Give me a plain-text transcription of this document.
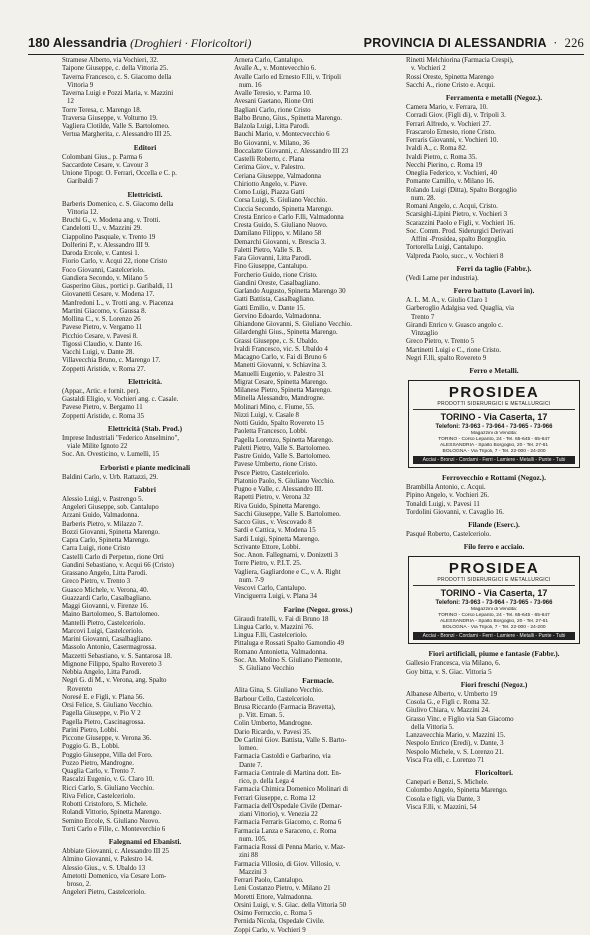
180 Alessandria (Droghieri · Floricoltori)	PROVINCIA DI ALESSANDRIA  ·  226
Stramese Alberto, via Vochieri, 32.
Taipone Giuseppe, c. della Vittoria 25.
Taverna Francesco, c. S. Giacomo della
Vittoria 9
Taverna Luigi e Pozzi Maria, v. Mazzini
12
Torre Teresa, c. Marengo 18.
Traversa Giuseppe, v. Volturno 19.
Vagliera Clotilde, Valle S. Bartolomeo.
Vertua Margherita, c. Alessandro III 25.
Editori
Colombani Gius., p. Parma 6
Saccardote Cesare, v. Cavour 3
Unione Tipogr. O. Ferrari, Occella e C. p.
Garibaldi 7
Elettricisti.
Barberis Domenico, c. S. Giacomo della
Vittoria 12.
Bruchi G., v. Modena ang. v. Trotti.
Candelotti U., v. Mazzini 29.
Ciappolino Pasquale, v. Trento 19
Dolferini P., v. Alessandro III 9.
Daroda Ercole, v. Cantesi 1.
Fiorio Carlo, v. Acqui 22, rione Cristo
Foco Giovanni, Castelceriolo.
Gandiera Secondo, v. Milano 5
Gasperino Gius., portici p. Garibaldi, 11
Giovanetti Cesare, v. Modena 17.
Manfredoni L., v. Trotti ang. v. Piacenza
Martini Giacomo, v. Gaussa 8.
Mollina C., v. S. Lorenzo 26
Pavese Pietro, v. Vergamo 11
Picchio Cesare, v. Pavesi 8.
Tigossi Claudio, v. Dante 16.
Vacchi Luigi, v. Dante 28.
Villavecchia Bruno, c. Marengo 17.
Zoppetti Aristide, v. Roma 27.
Elettricità.
(Appar., Artic. e fornit. per).
Gastaldi Eligio, v. Vochieri ang. c. Casale.
Pavese Pietro, v. Bergamo 11
Zoppetti Aristide, c. Roma 35
Elettricità (Stab. Prod.)
Imprese Industriali "Federico Anselmino",
viale Milite Ignoto 22
Soc. An. Ovesticino, v. Lumelli, 15
Erboristi e piante medicinali
Baldini Carlo, v. Urb. Rattazzi, 29.
Fabbri
Alessio Luigi, v. Pastrengo 5.
Angeleri Giuseppe, sob. Cantalupo
Arzani Guido, Valmadonna.
Barberis Pietro, v. Milazzo 7.
Bozzi Giovanni, Spinetta Marengo.
Capra Carlo, Spinetta Marengo.
Carra Luigi, rione Cristo
Castelli Carlo di Perpetuo, rione Orti
Gandini Sebastiano, v. Acqui 66 (Cristo)
Grassano Angelo, Litta Parodi.
Greco Pietro, v. Trento 3
Guasco Michele, v. Verona, 40.
Guazzardi Carlo, Casalbagliano.
Maggi Giovanni, v. Firenze 16.
Maino Bartolomeo, S. Bartolomeo.
Mantelli Pietro, Castelceriolo.
Marcovi Luigi, Castelceriolo.
Marini Giovanni, Casalbagliano.
Massolo Antonio, Casermagrossa.
Mazzetti Sebastiano, v. S. Santarosa 18.
Mignone Filippo, Spalto Rovereto 3
Nebbia Angelo, Litta Parodi.
Negri G. di M., v. Verona, ang. Spalto
Rovereto
Noresé E. e Figli, v. Plana 56.
Orsi Felice, S. Giuliano Vecchio.
Pagella Giuseppe, v. Pio V 2
Pagella Pietro, Cascinagrossa.
Parini Pietro, Lobbi.
Piccone Giuseppe, v. Verona 36.
Poggio G. B., Lobbi.
Poggio Giuseppe, Villa del Foro.
Pozzo Pietro, Mandrogne.
Quaglia Carlo, v. Trento 7.
Rascalzi Eugenio, v. G. Claro 10.
Ricci Carlo, S. Giuliano Vecchio.
Riva Felice, Castelceriolo.
Robotti Cristoforo, S. Michele.
Rolandi Vittorio, Spinetta Marengo.
Semino Ercole, S. Giuliano Nuovo.
Torti Carlo e Fille, c. Monteverchio 6
Falegnami ed Ebanisti.
Abbiate Giovanni, c. Alessandro III 25
Almino Giovanni, v. Palestro 14.
Alessio Gius., v. S. Ubaldo 13
Ametotti Domenico, via Cesare Lom-
broso, 2.
Angeleri Pietro, Castelceriolo.
Arnera Carlo, Cantalupo.
Avalle A., v. Montevecchio 6.
Avalle Carlo ed Ernesto F.lli, v. Tripoli
num. 16
Avalle Teresio, v. Parma 10.
Avesani Gaetano, Rione Orti
Bagliani Carlo, rione Cristo
Balbo Bruno, Gius., Spinetta Marengo.
Balzola Luigi, Litta Parodi.
Bauchi Mario, v. Montecvecchio 6
Bo Giovanni, v. Milano, 36
Boccalatte Giovanni, c. Alessandro III 23
Castelli Roberto, c. Plana
Cerima Giov., v. Palestro.
Ceriana Giuseppe, Valmadonna
Chiriotto Angelo, v. Piave.
Como Luigi, Piazza Gatti
Corsa Luigi, S. Giuliano Vecchio.
Cuccia Secondo, Spinetta Marengo.
Cresta Enrico e Carlo F.lli, Valmadonna
Cresta Guido, S. Giuliano Nuovo.
Damilano Filippo, v. Milano 58
Demarchi Giovanni, v. Brescia 3.
Faletti Pietro, Valle S. B.
Fara Giovanni, Litta Parodi.
Fino Giuseppe, Cantalupo.
Forcherio Guido, rione Cristo.
Gandini Oreste, Casalbagliano.
Garlando Augusto, Spinetta Marengo 30
Gatti Battista, Casalbagliano.
Gatti Emilio, v. Dante 15.
Gervino Edoardo, Valmadonna.
Ghiandone Giovanni, S. Giuliano Vecchio.
Gilardenghi Gius., Spinetta Marengo.
Grassi Giuseppe, c. S. Ubaldo.
Ivaldi Francesco, vic. S. Ubaldo 4
Macagno Carlo, v. Fai di Bruno 6
Manetti Giovanni, v. Schiavina 3.
Manuelli Eugenio, v. Palestro 31
Migrat Cesare, Spinetta Marengo.
Milanese Pietro, Spinetta Marengo.
Minella Alessandro, Mandrogne.
Molinari Mino, c. Fiume, 55.
Nizzi Luigi, v. Casale 8
Notti Guido, Spalto Rovereto 15
Paoletta Francesco, Lobbi.
Pagella Lorenzo, Spinetta Marengo.
Paletti Pietro, Valle S. Bartolomeo.
Pastre Guido, Valle S. Bartolomeo.
Pavese Umberto, rione Cristo.
Pesce Pietro, Castelceriolo.
Piatonio Paolo, S. Giuliano Vecchio.
Pugno e Valle, c. Alessandro III.
Rapetti Pietro, v. Verona 32
Riva Guido, Spinetta Marengo.
Sacchi Giuseppe, Valle S. Bartolomeo.
Sacco Gius., v. Vescovado 8
Sardi e Cattica, v. Modena 15
Sardi Luigi, Spinetta Marengo.
Scrivante Ettore, Lobbi.
Soc. Anon. Fallegnami, v. Donizetti 3
Torre Pietro, v. P.I.T. 25.
Vagliera, Gagliardone e C., v. A. Right
num. 7-9
Vescovi Carlo, Cantalupo.
Vinciguerra Luigi, v. Plana 34
Farine (Negoz. gross.)
Giraudi fratelli, v. Fai di Bruno 18
Lingua Carlo, v. Mazzini 76.
Lingua F.lli, Castelceriolo.
Pittaluga e Rossati Spalto Gamondio 49
Romano Antonietta, Valmadonna.
Soc. An. Molino S. Giuliano Piemonte,
S. Giuliano Vecchio
Farmacie.
Alita Gina, S. Giuliano Vecchio.
Barbour Cello, Castelceriolo.
Brusa Riccardo (Farmacia Bravetta),
p. Vitt. Eman. 5.
Colin Umberto, Mandrogne.
Dario Ricardo, v. Pavesi 35.
De Carlini Giov. Battista, Valle S. Barto-
lomeo.
Farmacia Castoldi e Garbarino, via
Dante 7.
Farmacia Centrale di Martina dott. En-
rico, p. della Lega 4
Farmacia Chimica Domenico Molinari di
Ferrari Giuseppe, c. Roma 12
Farmacia dell'Ospedale Civile (Demar-
ziani Vittorio), v. Venezia 22
Farmacia Ferraris Giacomo, c. Roma 6
Farmacia Lanza e Saraceno, c. Roma
num. 105.
Farmacia Rossi di Penna Mario, v. Maz-
zini 88
Farmacia Villosio, di Giov. Villosio, v.
Mazzini 3
Ferrari Paolo, Cantalupo.
Leni Costanzo Pietro, v. Milano 21
Moretti Ettore, Valmadonna.
Orsini Luigi, v. S. Giac. della Vittoria 50
Osimo Ferruccio, c. Roma 5
Pernida Nicola, Ospedale Civile.
Zoppi Carlo, v. Vochieri 9
Rinetti Melchiorina (Farmacia Crespi),
v. Vochieri 2
Rossi Oreste, Spinetta Marengo
Sacchi A., rione Cristo e. Acqui.
Ferramenta e metalli (Negoz.).
Camera Mario, v. Ferrara, 10.
Corradi Giov. (Figli di), v. Tripoli 3.
Ferrari Alfredo, v. Vochieri 27.
Frascarolo Ernesto, rione Cristo.
Ferraris Giovanni, v. Vochieri 10.
Ivaldi A., c. Roma 82.
Ivaldi Pietro, c. Roma 35.
Necchi Pierino, c. Roma 19
Oneglia Federico, v. Vochieri, 40
Pomante Camillo, v. Milano 16.
Rolando Luigi (Ditta), Spalto Borgoglio
num. 28.
Romani Angelo, c. Acqui, Cristo.
Scarsighi-Lipini Pietro, v. Vochieri 3
Scarazzini Paolo e Figli, v. Vochieri 16.
Soc. Comm. Prod. Siderurgici Derivati
Affini -Prosidea, spalto Borgoglio.
Tortorella Luigi, Cantalupo.
Valpreda Paolo, succ., v. Vochieri 8
Ferri da taglio (Fabbr.).
(Vedi Lame per industria).
Ferro battuto (Lavori in).
A. L. M. A., v. Giulio Claro 1
Garberoglio Adalgisa ved. Quaglia, via
Trento 7
Girandi Enrico v. Guasco angolo c.
Vinzaglio
Greco Pietro, v. Trento 5
Martinetti Luigi e C., rione Cristo.
Negri F.lli, spalto Rovereto 9
Ferro e Metalli.
PROSIDEA
PRODOTTI SIDERURGICI E METALLURGICI
TORINO - Via Caserta, 17
Telefoni: 73-963 - 73-964 - 73-965 - 73-966
Magazzini di Vendita:
TORINO - Corso Lepanto, 24 - Tel. 65-645 - 65-647
ALESSANDRIA - Spalto Borgoglio, 20 - Tel. 27-61
BOLOGNA - Via Tripoli, 7 - Tel. 22-000 - 24-200
Acciai - Bronzi - Cordami - Ferri - Lamiere - Metalli - Punte - Tubi
Ferrovecchio e Rottami (Negoz.).
Brambilla Antonio, c. Acqui.
Pipino Angelo, v. Vochieri 26.
Tonaldi Luigi, v. Pavesi 11
Tordolini Giovanni, v. Cavaglio 16.
Filande (Eserc.).
Pasqué Roberto, Castelceriolo.
Filo ferro e acciaio.
PROSIDEA
PRODOTTI SIDERURGICI E METALLURGICI
TORINO - Via Caserta, 17
Telefoni: 73-963 - 73-964 - 73-965 - 73-966
Magazzini di Vendita:
TORINO - Corso Lepanto, 24 - Tel. 65-645 - 65-647
ALESSANDRIA - Spalto Borgoglio, 20 - Tel. 27-61
BOLOGNA - Via Tripoli, 7 - Tel. 22-000 - 24-200
Acciai - Bronzi - Cordami - Ferri - Lamiere - Metalli - Punte - Tubi
Fiori artificiali, piume e fantasie (Fabbr.).
Gallesio Francesca, via Milano, 6.
Goy bitta, v. S. Giac. Vittoria 5
Fiori freschi (Negoz.)
Albanese Alberto, v. Umberto 19
Cosola G., e Figli c. Roma 32.
Giulivo Chiara, v. Mazzini 24.
Grasso Vinc. e Figlio via San Giacomo
della Vittoria 5.
Lanzavecchia Mario, v. Mazzini 15.
Nespolo Enrico (Eredi), v. Dante, 3
Nespolo Michele, v. S. Lorenzo 21.
Visca Fra elli, c. Lorenzo 71
Floricoltori.
Canepari e Benzi, S. Michele.
Colombo Angelo, Spinetta Marengo.
Cosola e figli, via Dante, 3
Visca F.lli, v. Mazzini, 54
